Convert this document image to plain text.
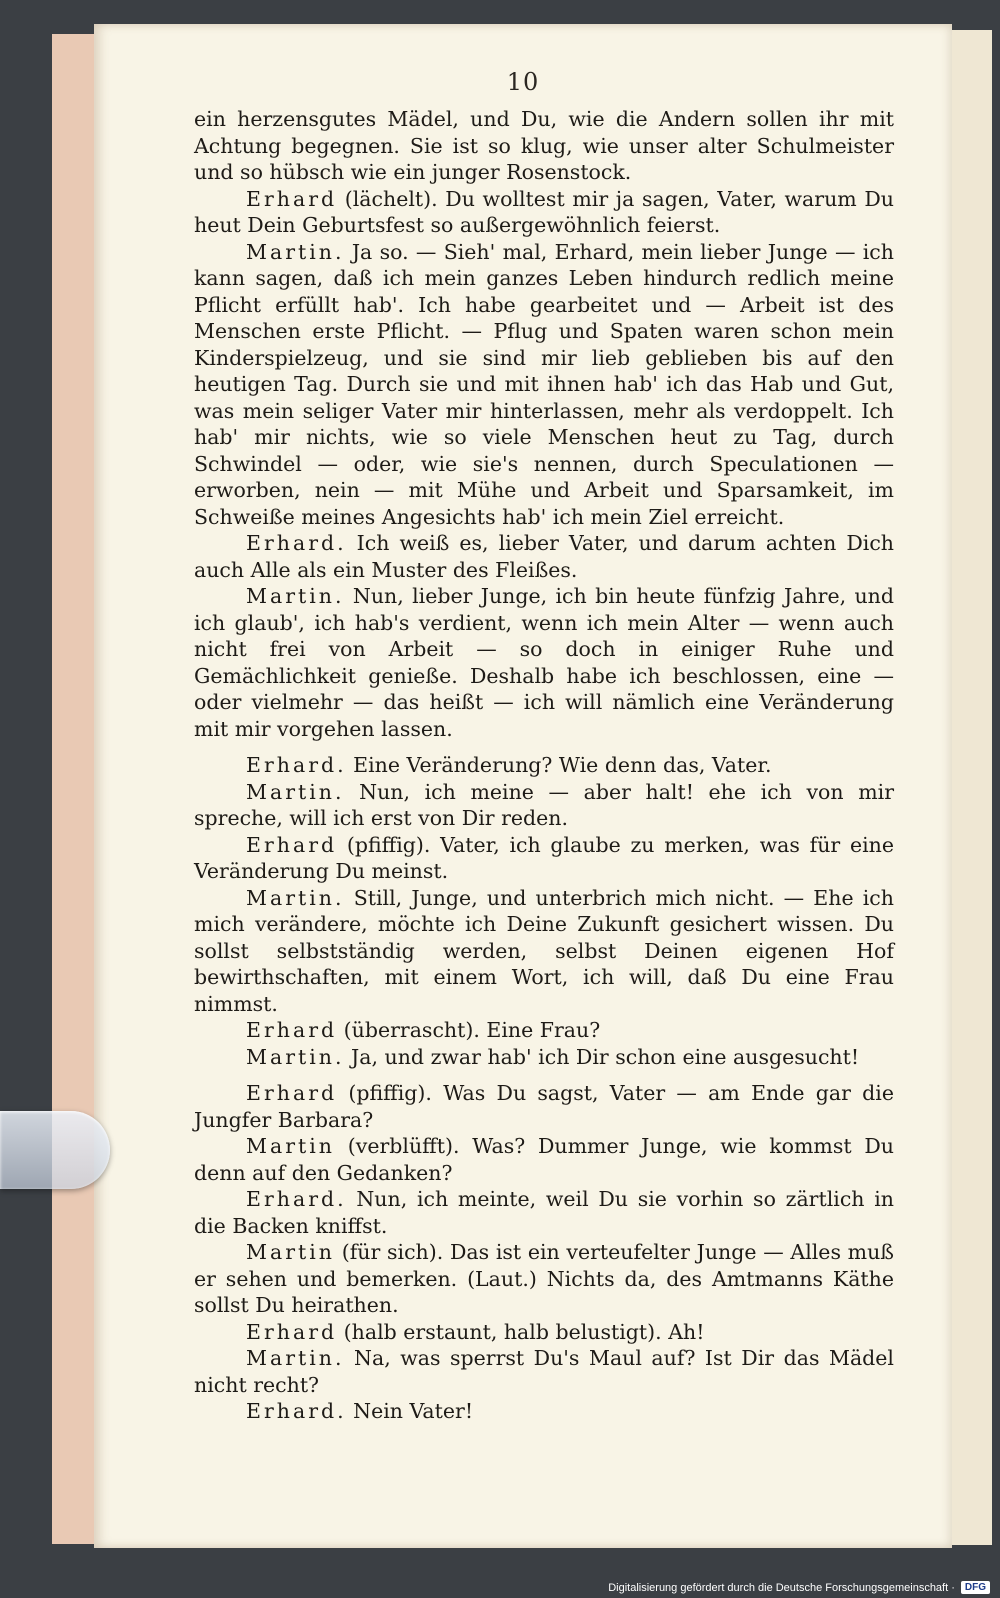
10

ein herzensgutes Mädel, und Du, wie die Andern sollen ihr mit Achtung begegnen. Sie ist so klug, wie unser alter Schulmeister und so hübsch wie ein junger Rosenstock.

Erhard (lächelt). Du wolltest mir ja sagen, Vater, warum Du heut Dein Geburtsfest so außergewöhnlich feierst.

Martin. Ja so. — Sieh' mal, Erhard, mein lieber Junge — ich kann sagen, daß ich mein ganzes Leben hindurch redlich meine Pflicht erfüllt hab'. Ich habe gearbeitet und — Arbeit ist des Menschen erste Pflicht. — Pflug und Spaten waren schon mein Kinderspielzeug, und sie sind mir lieb geblieben bis auf den heutigen Tag. Durch sie und mit ihnen hab' ich das Hab und Gut, was mein seliger Vater mir hinterlassen, mehr als verdoppelt. Ich hab' mir nichts, wie so viele Menschen heut zu Tag, durch Schwindel — oder, wie sie's nennen, durch Speculationen — erworben, nein — mit Mühe und Arbeit und Sparsamkeit, im Schweiße meines Angesichts hab' ich mein Ziel erreicht.

Erhard. Ich weiß es, lieber Vater, und darum achten Dich auch Alle als ein Muster des Fleißes.

Martin. Nun, lieber Junge, ich bin heute fünfzig Jahre, und ich glaub', ich hab's verdient, wenn ich mein Alter — wenn auch nicht frei von Arbeit — so doch in einiger Ruhe und Gemächlichkeit genieße. Deshalb habe ich beschlossen, eine — oder vielmehr — das heißt — ich will nämlich eine Veränderung mit mir vorgehen lassen.

Erhard. Eine Veränderung? Wie denn das, Vater.

Martin. Nun, ich meine — aber halt! ehe ich von mir spreche, will ich erst von Dir reden.

Erhard (pfiffig). Vater, ich glaube zu merken, was für eine Veränderung Du meinst.

Martin. Still, Junge, und unterbrich mich nicht. — Ehe ich mich verändere, möchte ich Deine Zukunft gesichert wissen. Du sollst selbstständig werden, selbst Deinen eigenen Hof bewirthschaften, mit einem Wort, ich will, daß Du eine Frau nimmst.

Erhard (überrascht). Eine Frau?

Martin. Ja, und zwar hab' ich Dir schon eine ausgesucht!

Erhard (pfiffig). Was Du sagst, Vater — am Ende gar die Jungfer Barbara?

Martin (verblüfft). Was? Dummer Junge, wie kommst Du denn auf den Gedanken?

Erhard. Nun, ich meinte, weil Du sie vorhin so zärtlich in die Backen kniffst.

Martin (für sich). Das ist ein verteufelter Junge — Alles muß er sehen und bemerken. (Laut.) Nichts da, des Amtmanns Käthe sollst Du heirathen.

Erhard (halb erstaunt, halb belustigt). Ah!

Martin. Na, was sperrst Du's Maul auf? Ist Dir das Mädel nicht recht?

Erhard. Nein Vater!

Digitalisierung gefördert durch die Deutsche Forschungsgemeinschaft ·	DFG
